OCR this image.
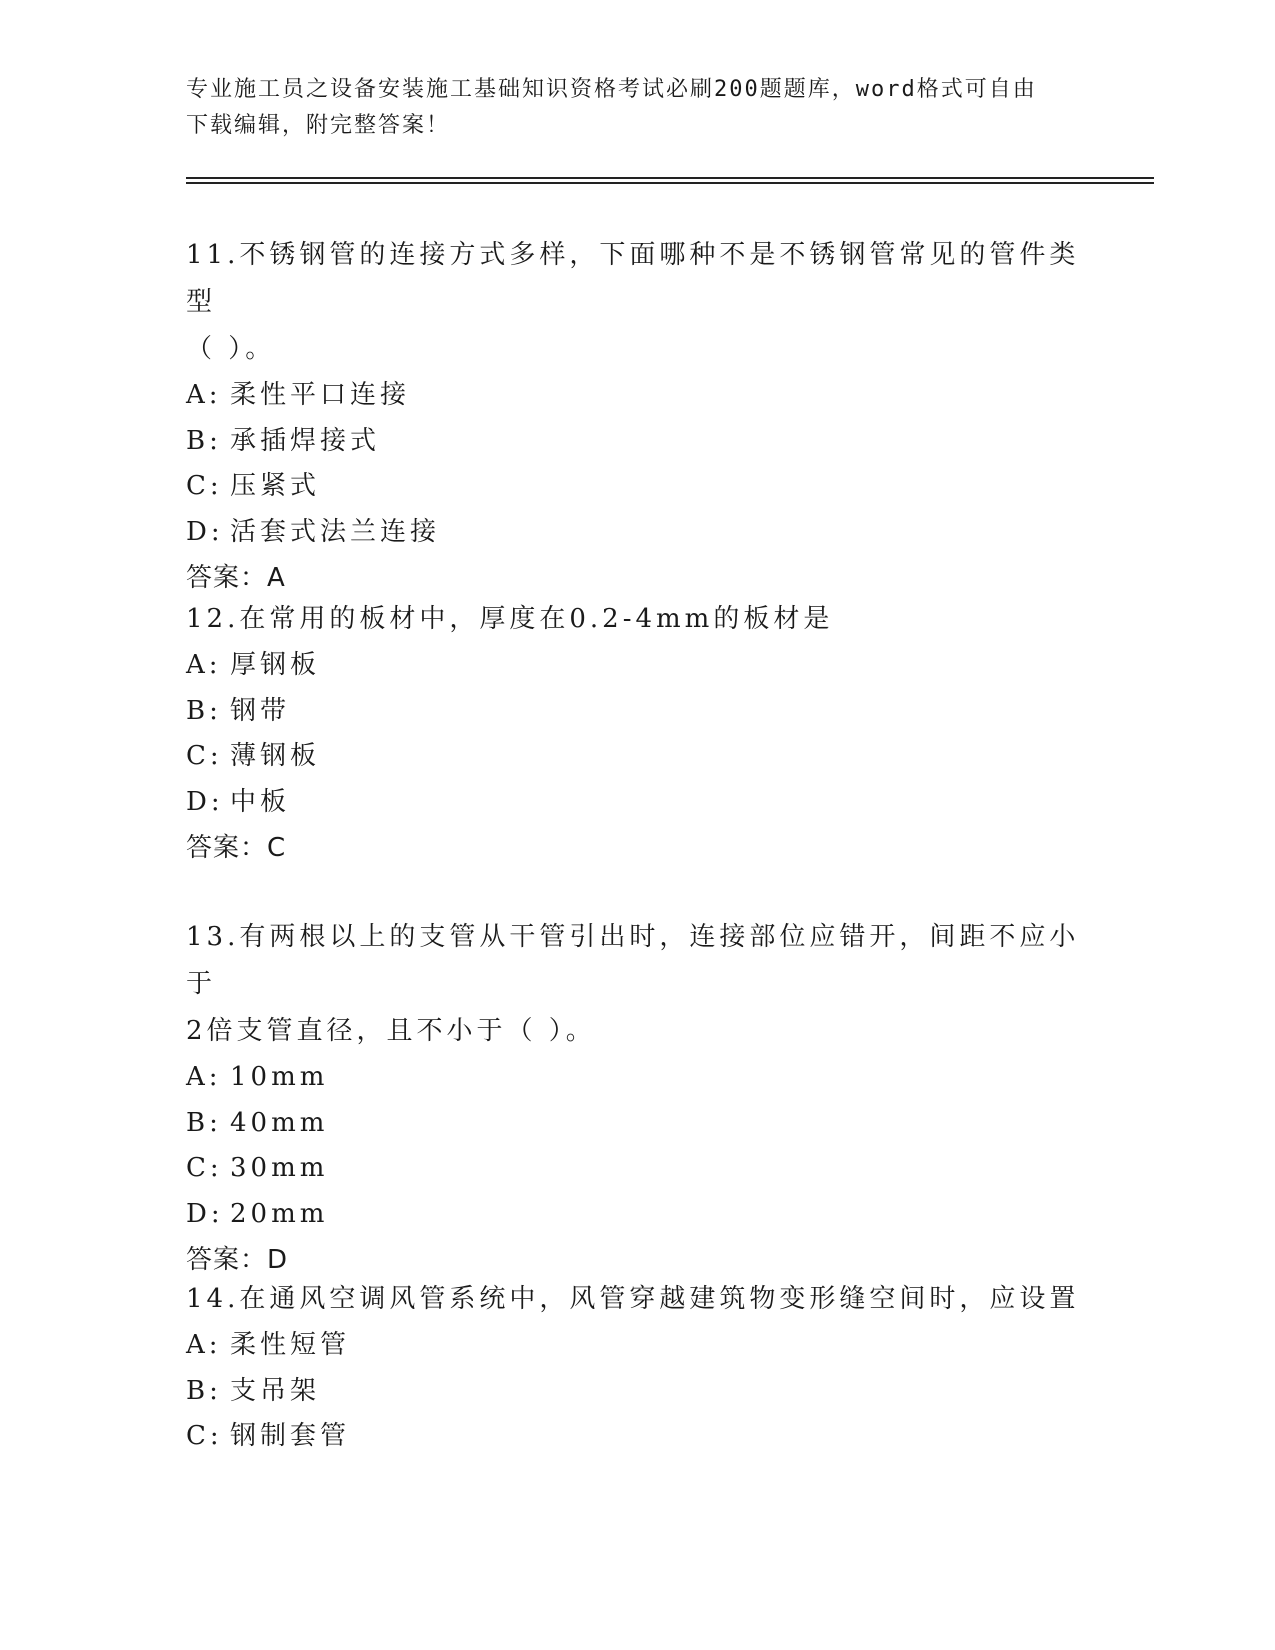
专业施工员之设备安装施工基础知识资格考试必刷200题题库，word格式可自由
下载编辑，附完整答案！

11.不锈钢管的连接方式多样，下面哪种不是不锈钢管常见的管件类型

（ ）。

A: 柔性平口连接
B: 承插焊接式
C: 压紧式
D: 活套式法兰连接
答案：A

12.在常用的板材中，厚度在0.2-4mm的板材是

A: 厚钢板
B: 钢带
C: 薄钢板
D: 中板
答案：C

13.有两根以上的支管从干管引出时，连接部位应错开，间距不应小于

2倍支管直径，且不小于（ ）。

A: 10mm
B: 40mm
C: 30mm
D: 20mm
答案：D

14.在通风空调风管系统中，风管穿越建筑物变形缝空间时，应设置

A: 柔性短管
B: 支吊架
C: 钢制套管
